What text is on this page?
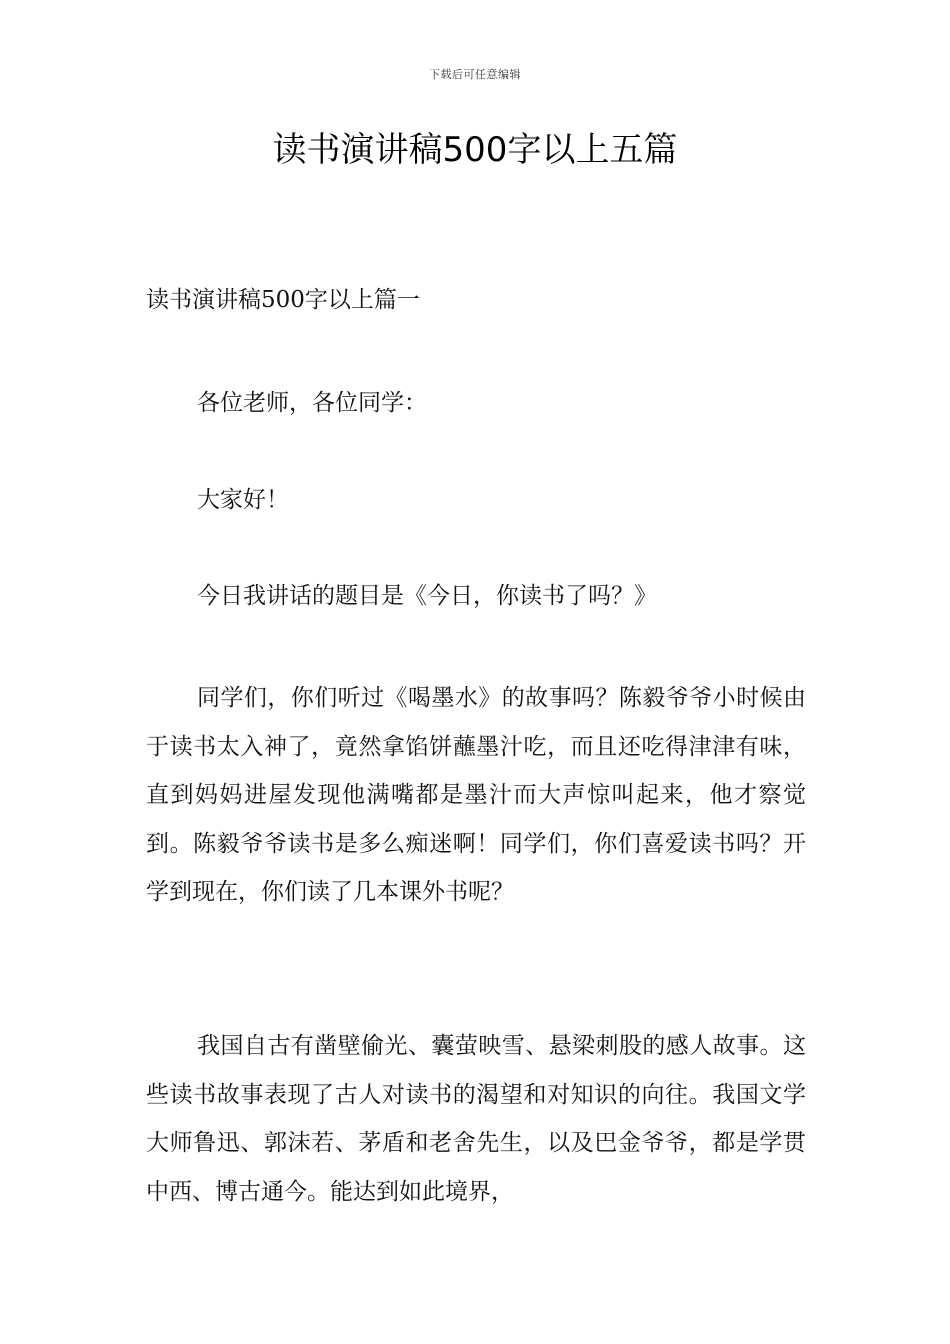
下载后可任意编辑
读书演讲稿500字以上五篇

读书演讲稿500字以上篇一

各位老师，各位同学：

大家好！

今日我讲话的题目是《今日，你读书了吗？》

同学们，你们听过《喝墨水》的故事吗？陈毅爷爷小时候由于读书太入神了，竟然拿馅饼蘸墨汁吃，而且还吃得津津有味，直到妈妈进屋发现他满嘴都是墨汁而大声惊叫起来，他才察觉到。陈毅爷爷读书是多么痴迷啊！同学们，你们喜爱读书吗？开学到现在，你们读了几本课外书呢？

我国自古有凿壁偷光、囊萤映雪、悬梁刺股的感人故事。这些读书故事表现了古人对读书的渴望和对知识的向往。我国文学大师鲁迅、郭沫若、茅盾和老舍先生，以及巴金爷爷，都是学贯中西、博古通今。能达到如此境界，
